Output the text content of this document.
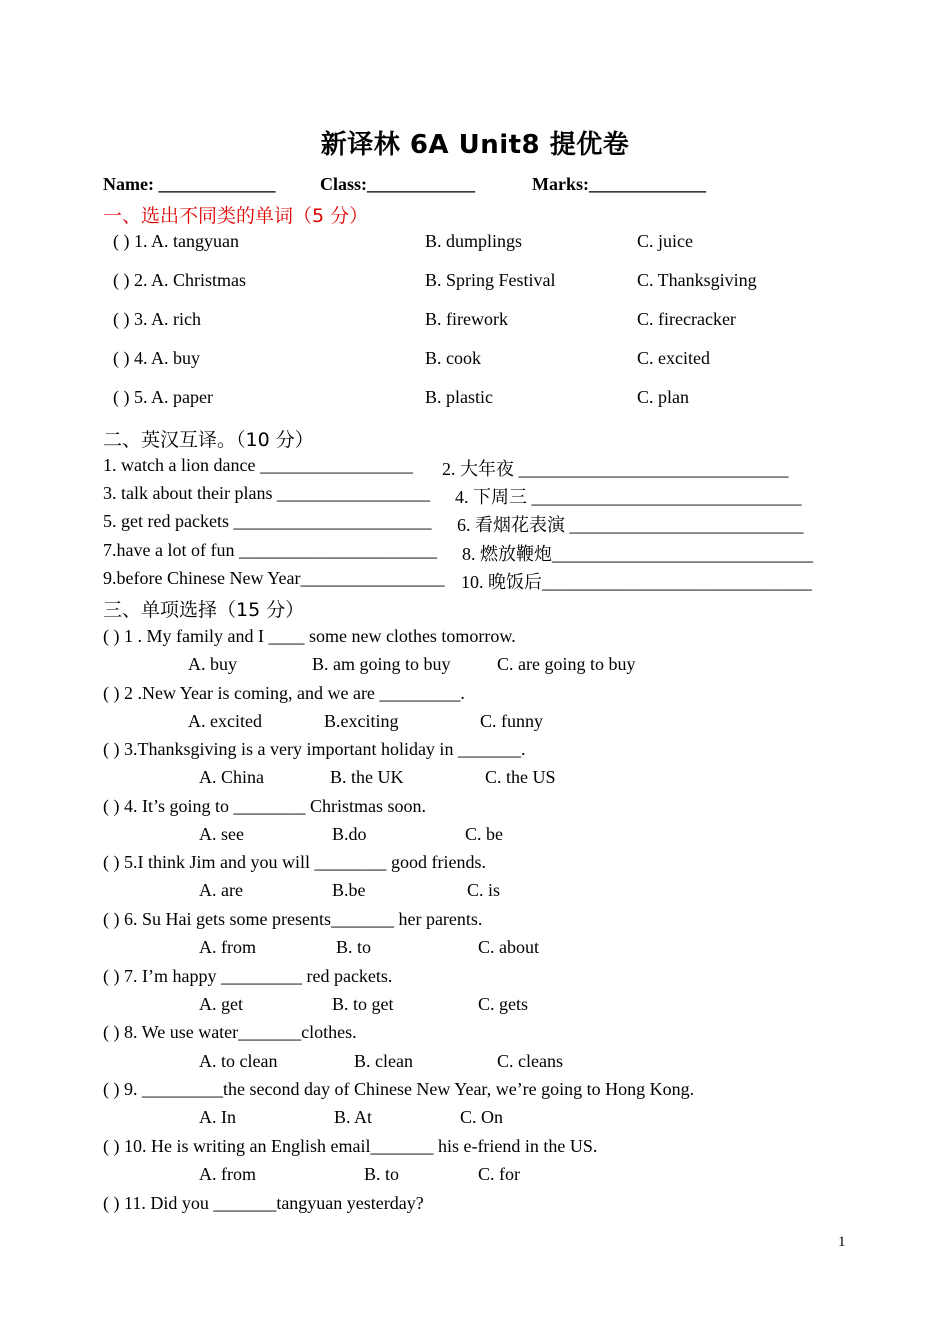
新译林 6A Unit8 提优卷
Name: _____________ Class:____________	Marks:_____________
一、选出不同类的单词（5 分）
( ) 1. A. tangyuan	B. dumplings	C. juice
( ) 2. A. Christmas	B. Spring Festival	C. Thanksgiving
( ) 3. A. rich	B. firework	C. firecracker
( ) 4. A. buy	B. cook	C. excited
( ) 5. A. paper	B. plastic	C. plan
二、英汉互译。（10 分）
1. watch a lion dance _________________ 2. 大年夜 ______________________________
3. talk about their plans _________________ 4. 下周三 ______________________________
5. get red packets ______________________ 6. 看烟花表演 __________________________
7.have a lot of fun ______________________ 8. 燃放鞭炮_____________________________
9.before Chinese New Year________________ 10. 晚饭后______________________________
三、单项选择（15 分）
( ) 1 . My family and I ____ some new clothes tomorrow.
A. buy	B. am going to buy	C. are going to buy
( ) 2 .New Year is coming, and we are _________.
A. excited	B.exciting	C. funny
( ) 3.Thanksgiving is a very important holiday in _______.
A. China	B. the UK	C. the US
( ) 4. It’s going to ________ Christmas soon.
A. see	B.do	C. be
( ) 5.I think Jim and you will ________ good friends.
A. are	B.be	C. is
( ) 6. Su Hai gets some presents_______ her parents.
A. from	B. to	C. about
( ) 7. I’m happy _________ red packets.
A. get	B. to get	C. gets
( ) 8. We use water_______clothes.
A. to clean	B. clean	C. cleans
( ) 9. _________the second day of Chinese New Year, we’re going to Hong Kong.
A. In	B. At	C. On
( ) 10. He is writing an English email_______ his e-friend in the US.
A. from	B. to	C. for
( ) 11. Did you _______tangyuan yesterday?
1
